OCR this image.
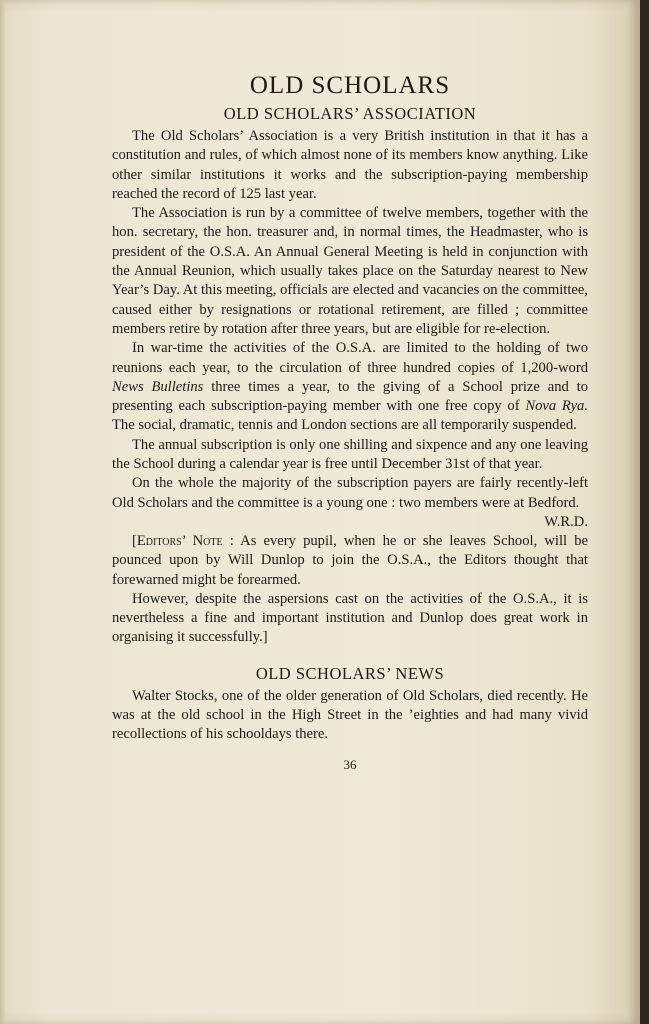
OLD SCHOLARS
OLD SCHOLARS’ ASSOCIATION

The Old Scholars’ Association is a very British institution in that it has a constitution and rules, of which almost none of its members know anything. Like other similar institutions it works and the subscription-paying membership reached the record of 125 last year.

The Association is run by a committee of twelve members, together with the hon. secretary, the hon. treasurer and, in normal times, the Headmaster, who is president of the O.S.A. An Annual General Meeting is held in conjunction with the Annual Reunion, which usually takes place on the Saturday nearest to New Year’s Day. At this meeting, officials are elected and vacancies on the committee, caused either by resignations or rotational retirement, are filled ; committee members retire by rotation after three years, but are eligible for re-election.

In war-time the activities of the O.S.A. are limited to the holding of two reunions each year, to the circulation of three hundred copies of 1,200-word News Bulletins three times a year, to the giving of a School prize and to presenting each subscription-paying member with one free copy of Nova Rya. The social, dramatic, tennis and London sections are all temporarily suspended.

The annual subscription is only one shilling and sixpence and any one leaving the School during a calendar year is free until December 31st of that year.

On the whole the majority of the subscription payers are fairly recently-left Old Scholars and the committee is a young one : two members were at Bedford.

W.R.D.

[Editors’ Note : As every pupil, when he or she leaves School, will be pounced upon by Will Dunlop to join the O.S.A., the Editors thought that forewarned might be forearmed.

However, despite the aspersions cast on the activities of the O.S.A., it is nevertheless a fine and important institution and Dunlop does great work in organising it successfully.]

OLD SCHOLARS’ NEWS

Walter Stocks, one of the older generation of Old Scholars, died recently. He was at the old school in the High Street in the ’eighties and had many vivid recollections of his schooldays there.

36
